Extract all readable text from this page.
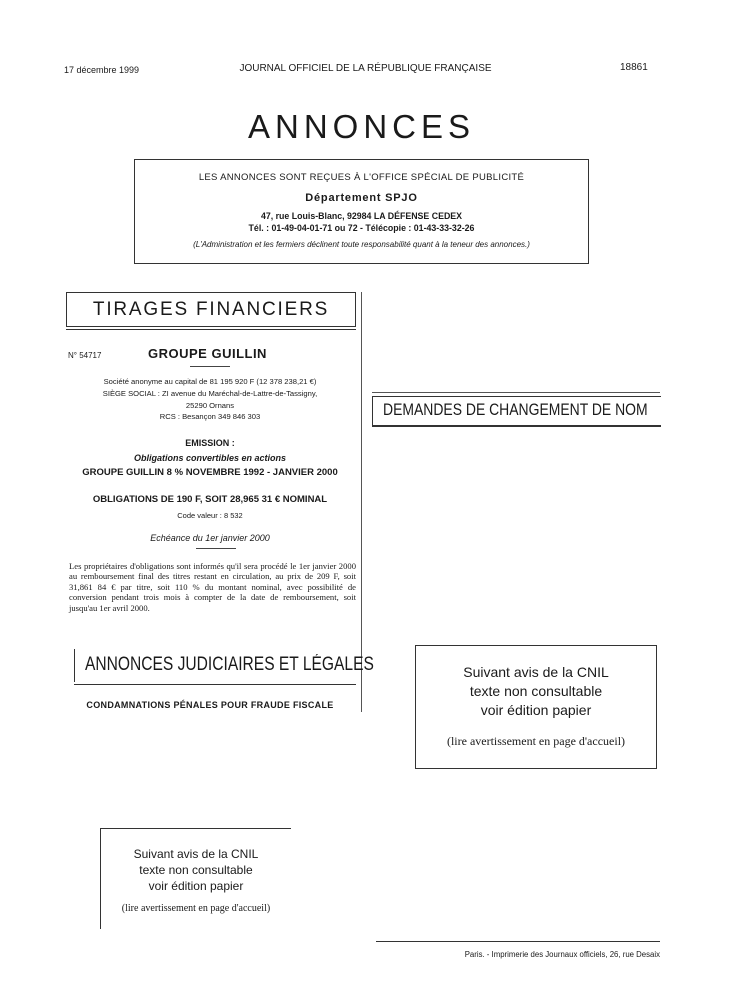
17 décembre 1999	JOURNAL OFFICIEL DE LA RÉPUBLIQUE FRANÇAISE	18861
ANNONCES
LES ANNONCES SONT REÇUES À L'OFFICE SPÉCIAL DE PUBLICITÉ
Département SPJO
47, rue Louis-Blanc, 92984 LA DÉFENSE CEDEX
Tél. : 01-49-04-01-71 ou 72 - Télécopie : 01-43-33-32-26
(L'Administration et les fermiers déclinent toute responsabilité quant à la teneur des annonces.)
TIRAGES FINANCIERS
N° 54717	GROUPE GUILLIN
Société anonyme au capital de 81 195 920 F (12 378 238,21 €)
SIÈGE SOCIAL : ZI avenue du Maréchal-de-Lattre-de-Tassigny,
25290 Ornans
RCS : Besançon 349 846 303
EMISSION :
Obligations convertibles en actions
GROUPE GUILLIN 8 % NOVEMBRE 1992 - JANVIER 2000
OBLIGATIONS DE 190 F, SOIT 28,965 31 € NOMINAL
Code valeur : 8 532
Echéance du 1er janvier 2000
Les propriétaires d'obligations sont informés qu'il sera procédé le 1er janvier 2000 au remboursement final des titres restant en circulation, au prix de 209 F, soit 31,861 84 € par titre, soit 110 % du montant nominal, avec possibilité de conversion pendant trois mois à compter de la date de remboursement, soit jusqu'au 1er avril 2000.
ANNONCES JUDICIAIRES ET LÉGALES
CONDAMNATIONS PÉNALES POUR FRAUDE FISCALE
DEMANDES DE CHANGEMENT DE NOM
Suivant avis de la CNIL
texte non consultable
voir édition papier
(lire avertissement en page d'accueil)
Suivant avis de la CNIL
texte non consultable
voir édition papier
(lire avertissement en page d'accueil)
Paris. - Imprimerie des Journaux officiels, 26, rue Desaix
